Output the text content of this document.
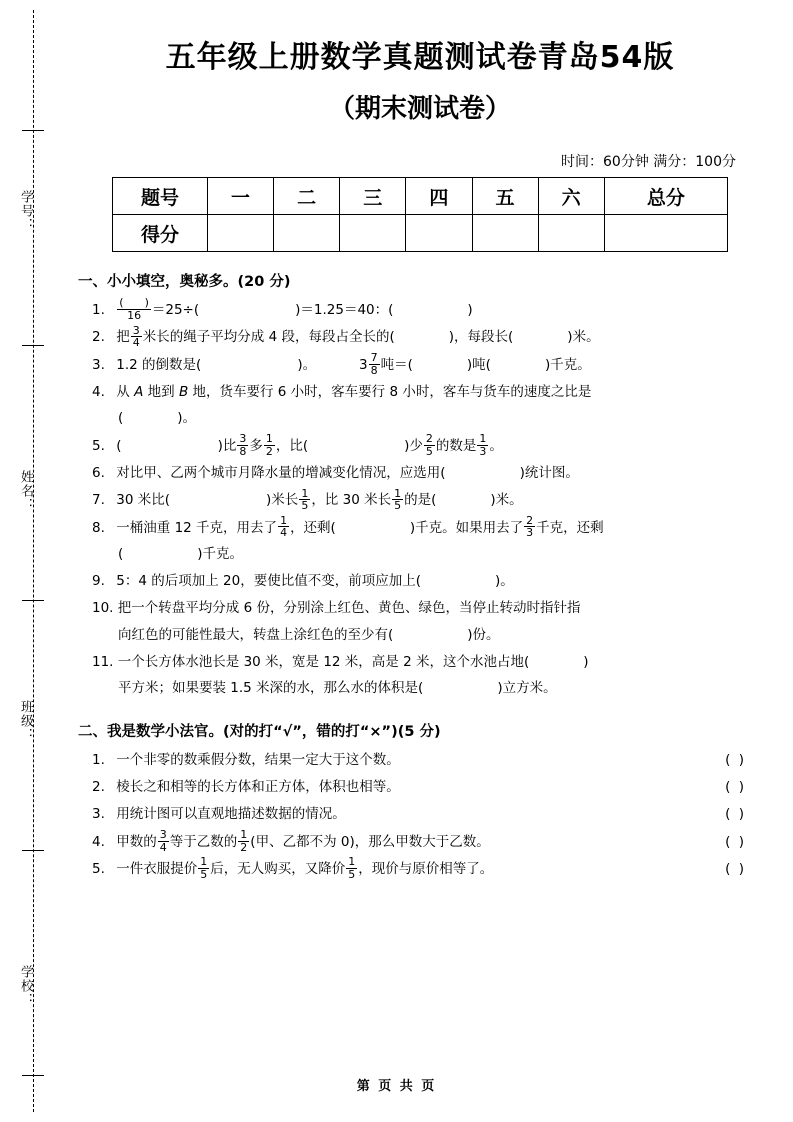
学号：
姓名：
班级：
学校：
五年级上册数学真题测试卷青岛54版
（期末测试卷）
时间：60分钟 满分：100分
题号	一	二	三	四	五	六	总分
得分							
一、小小填空，奥秘多。(20 分)
1. $\frac{( )}{16} =25\div$(	)＝1.25＝40：(	)
2. 把 $\frac{3}{4}$ 米长的绳子平均分成 4 段，每段占全长的(	)，每段长(	)米。
3. 1.2 的倒数是(	)。          $3 \frac{7}{8}$ 吨＝(	)吨(	)千克。
4. 从 A 地到 B 地，货车要行 6 小时，客车要行 8 小时，客车与货车的速度之比是
(	)。
5. (	)比 $\frac{3}{8}$ 多 $\frac{1}{2}$ ，比(	)少 $\frac{2}{5}$ 的数是 $\frac{1}{3}$ 。
6. 对比甲、乙两个城市月降水量的增减变化情况，应选用(	)统计图。
7. 30 米比(	)米长 $\frac{1}{5}$ ，比 30 米长 $\frac{1}{5}$ 的是(	)米。
8. 一桶油重 12 千克，用去了 $\frac{1}{4}$ ，还剩(	)千克。如果用去了 $\frac{2}{3}$ 千克，还剩
(	)千克。
9. 5：4 的后项加上 20，要使比值不变，前项应加上(	)。
10. 把一个转盘平均分成 6 份，分别涂上红色、黄色、绿色，当停止转动时指针指
向红色的可能性最大，转盘上涂红色的至少有(	)份。
11. 一个长方体水池长是 30 米，宽是 12 米，高是 2 米，这个水池占地(	)
平方米；如果要装 1.5 米深的水，那么水的体积是(	)立方米。
二、我是数学小法官。(对的打“√”，错的打“×”)(5 分)
1. 一个非零的数乘假分数，结果一定大于这个数。	( )
2. 棱长之和相等的长方体和正方体，体积也相等。	( )
3. 用统计图可以直观地描述数据的情况。	( )
4. 甲数的 $\frac{3}{4}$ 等于乙数的 $\frac{1}{2}$ (甲、乙都不为 0)，那么甲数大于乙数。	( )
5. 一件衣服提价 $\frac{1}{5}$ 后，无人购买，又降价 $\frac{1}{5}$ ，现价与原价相等了。	( )
第 页 共 页
